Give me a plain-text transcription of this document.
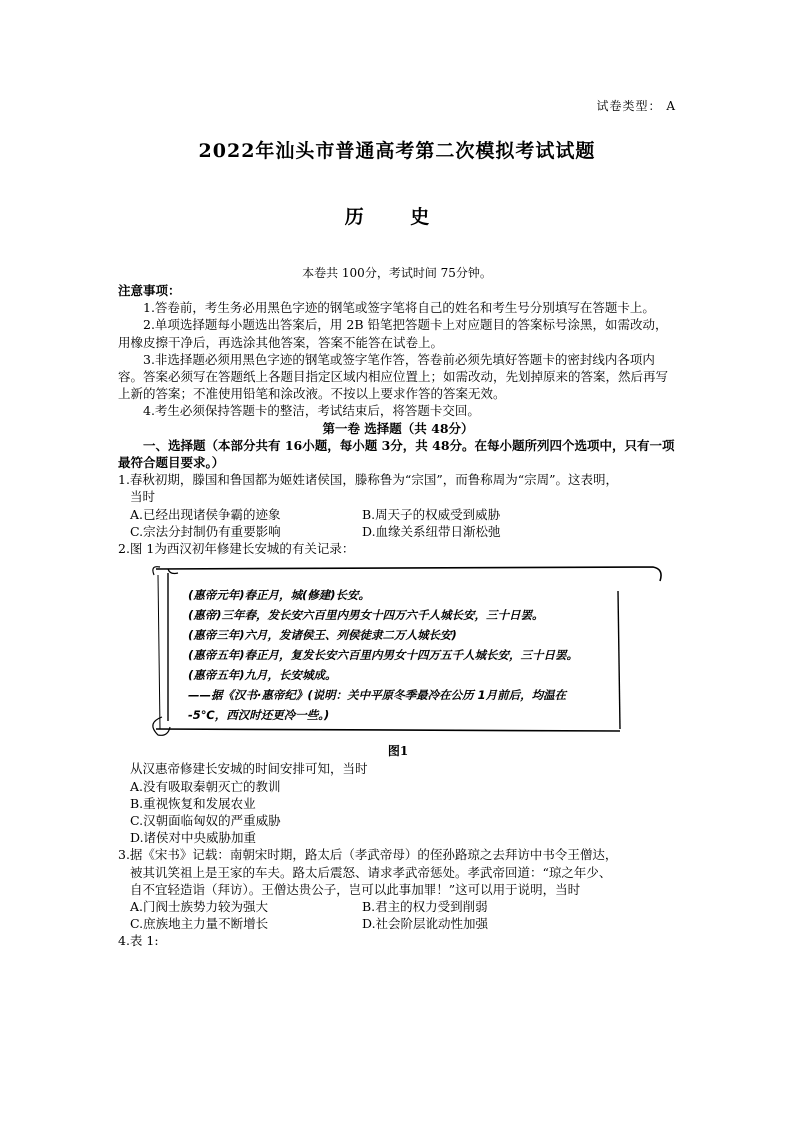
试卷类型： A
2022年汕头市普通高考第二次模拟考试试题
历 史
本卷共 100分，考试时间 75分钟。

注意事项：

1.答卷前，考生务必用黑色字迹的钢笔或签字笔将自己的姓名和考生号分别填写在答题卡上。

2.单项选择题每小题选出答案后，用 2B 铅笔把答题卡上对应题目的答案标号涂黑，如需改动，用橡皮擦干净后，再选涂其他答案，答案不能答在试卷上。

3.非选择题必须用黑色字迹的钢笔或签字笔作答，答卷前必须先填好答题卡的密封线内各项内容。答案必须写在答题纸上各题目指定区域内相应位置上；如需改动，先划掉原来的答案，然后再写上新的答案；不准使用铅笔和涂改液。不按以上要求作答的答案无效。

4.考生必须保持答题卡的整洁，考试结束后，将答题卡交回。

第一卷 选择题（共 48分）

一、选择题（本部分共有 16小题，每小题 3分，共 48分。在每小题所列四个选项中，只有一项最符合题目要求。）

1.春秋初期，滕国和鲁国都为姬姓诸侯国，滕称鲁为“宗国”，而鲁称周为“宗周”。这表明，

当时

A.已经出现诸侯争霸的迹象	B.周天子的权威受到威胁
C.宗法分封制仍有重要影响	D.血缘关系纽带日渐松弛

2.图 1为西汉初年修建长安城的有关记录：

(惠帝元年)春正月，城(修建)长安。

(惠帝)三年春，发长安六百里内男女十四万六千人城长安，三十日罢。

(惠帝三年)六月，发诸侯王、列侯徒隶二万人城长安)

(惠帝五年)春正月，复发长安六百里内男女十四万五千人城长安，三十日罢。

(惠帝五年)九月，长安城成。

——据《汉书·惠帝纪》(说明：关中平原冬季最冷在公历 1月前后，均温在

-5℃，西汉时还更冷一些。)

图1

从汉惠帝修建长安城的时间安排可知，当时

A.没有吸取秦朝灭亡的教训

B.重视恢复和发展农业

C.汉朝面临匈奴的严重威胁

D.诸侯对中央威胁加重

3.据《宋书》记载：南朝宋时期，路太后（孝武帝母）的侄孙路琼之去拜访中书令王僧达，

被其讥笑祖上是王家的车夫。路太后震怒、请求孝武帝惩处。孝武帝回道：“琼之年少、

自不宜轻造诣（拜访）。王僧达贵公子，岂可以此事加罪！”这可以用于说明，当时

A.门阀士族势力较为强大	B.君主的权力受到削弱
C.庶族地主力量不断增长	D.社会阶层讹动性加强

4.表 1:
